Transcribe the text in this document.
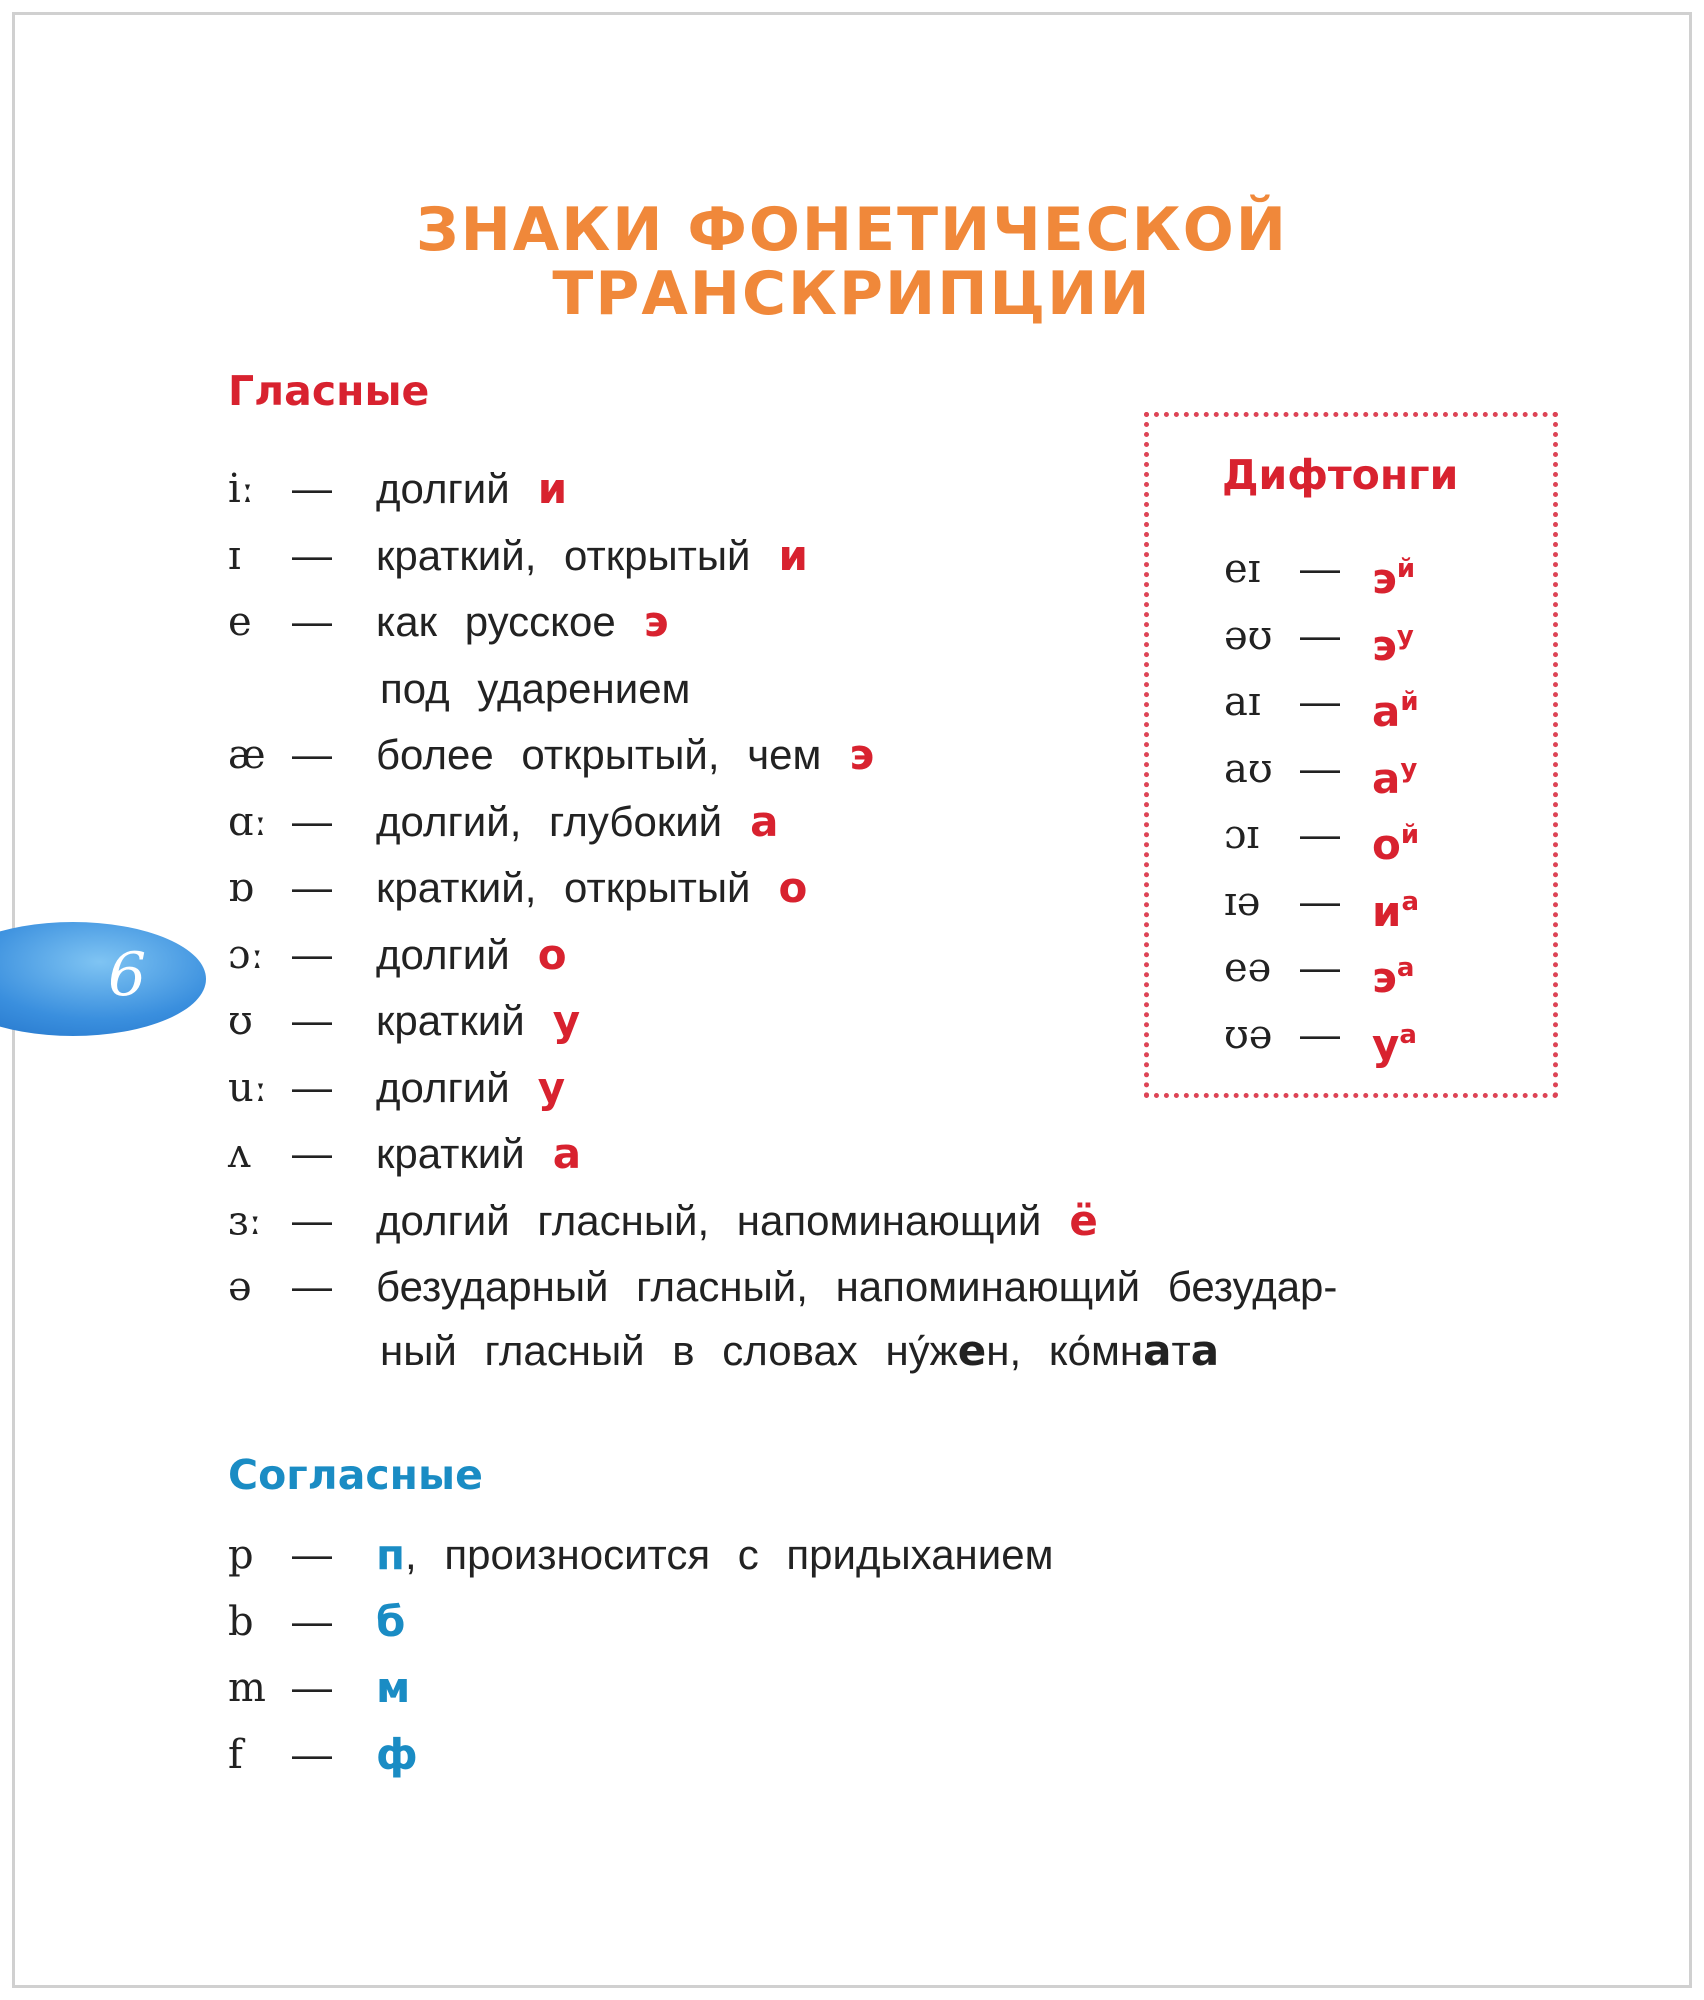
ЗНАКИ ФОНЕТИЧЕСКОЙ
ТРАНСКРИПЦИИ
Гласные
iː — долгий и
ɪ — краткий, открытый и
e — как русское э
под ударением
æ — более открытый, чем э
ɑː — долгий, глубокий а
ɒ — краткий, открытый о
ɔː — долгий о
ʊ — краткий у
uː — долгий у
ʌ — краткий а
ɜː — долгий гласный, напоминающий ё
ə — безударный гласный, напоминающий безудар-
ный гласный в словах ну́жен, ко́мната
Дифтонги
eɪ — $э^й$
əʊ — $э^у$
aɪ — $а^й$
aʊ — $а^у$
ɔɪ — $о^й$
ɪə — $и^а$
eə — $э^а$
ʊə — $у^а$
Согласные
p — п, произносится с придыханием
b — б
m — м
f — ф
6
